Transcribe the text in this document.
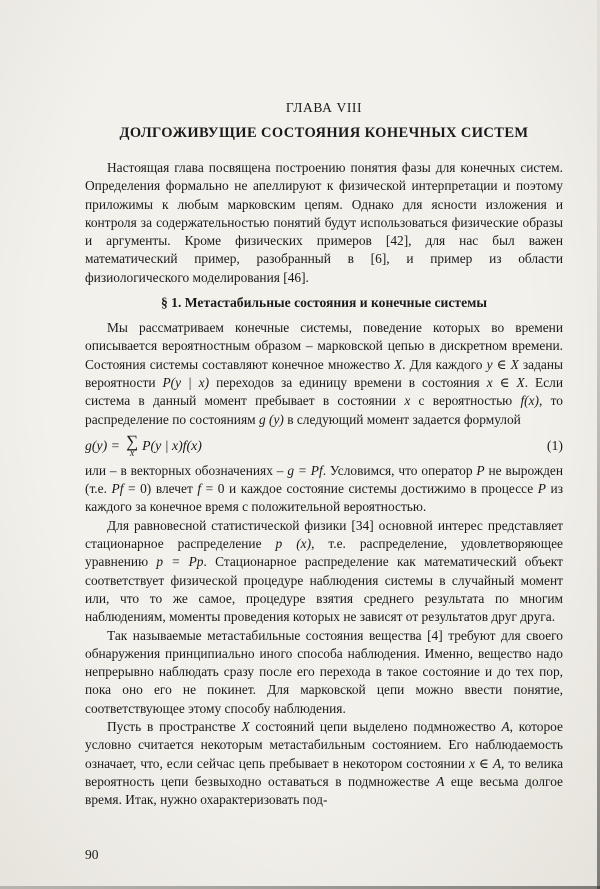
ГЛАВА VIII
ДОЛГОЖИВУЩИЕ СОСТОЯНИЯ КОНЕЧНЫХ СИСТЕМ

Настоящая глава посвящена построению понятия фазы для конечных систем. Определения формально не апеллируют к физической интерпретации и поэтому приложимы к любым марковским цепям. Однако для ясности изложения и контроля за содержательностью понятий будут использоваться физические образы и аргументы. Кроме физических примеров [42], для нас был важен математический пример, разобранный в [6], и пример из области физиологического моделирования [46].

§ 1. Метастабильные состояния и конечные системы

Мы рассматриваем конечные системы, поведение которых во времени описывается вероятностным образом – марковской цепью в дискретном времени. Состояния системы составляют конечное множество X. Для каждого y ∈ X заданы вероятности P(y | x) переходов за единицу времени в состояния x ∈ X. Если система в данный момент пребывает в состоянии x с вероятностью f(x), то распределение по состояниям g (y) в следующий момент задается формулой

g(y) = ∑
x P(y | x)f(x)	(1)

или – в векторных обозначениях – g = Pf. Условимся, что оператор P не вырожден (т.е. Pf = 0) влечет f = 0 и каждое состояние системы достижимо в процессе P из каждого за конечное время с положительной вероятностью.

Для равновесной статистической физики [34] основной интерес представляет стационарное распределение p (x), т.е. распределение, удовлетворяющее уравнению p = Pp. Стационарное распределение как математический объект соответствует физической процедуре наблюдения системы в случайный момент или, что то же самое, процедуре взятия среднего результата по многим наблюдениям, моменты проведения которых не зависят от результатов друг друга.

Так называемые метастабильные состояния вещества [4] требуют для своего обнаружения принципиально иного способа наблюдения. Именно, вещество надо непрерывно наблюдать сразу после его перехода в такое состояние и до тех пор, пока оно его не покинет. Для марковской цепи можно ввести понятие, соответствующее этому способу наблюдения.

Пусть в пространстве X состояний цепи выделено подмножество A, которое условно считается некоторым метастабильным состоянием. Его наблюдаемость означает, что, если сейчас цепь пребывает в некотором состоянии x ∈ A, то велика вероятность цепи безвыходно оставаться в подмножестве A еще весьма долгое время. Итак, нужно охарактеризовать под-

90
